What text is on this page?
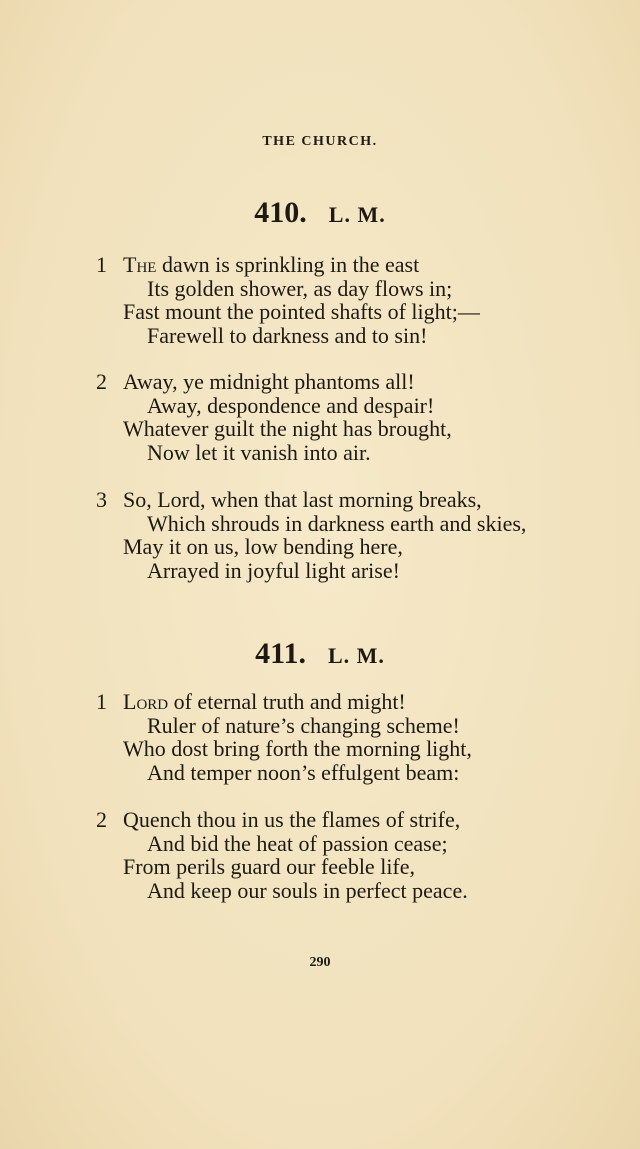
THE CHURCH.
410. L. M.
1 The dawn is sprinkling in the east
Its golden shower, as day flows in;
Fast mount the pointed shafts of light;—
Farewell to darkness and to sin!
2 Away, ye midnight phantoms all!
Away, despondence and despair!
Whatever guilt the night has brought,
Now let it vanish into air.
3 So, Lord, when that last morning breaks,
Which shrouds in darkness earth and skies,
May it on us, low bending here,
Arrayed in joyful light arise!
411. L. M.
1 Lord of eternal truth and might!
Ruler of nature’s changing scheme!
Who dost bring forth the morning light,
And temper noon’s effulgent beam:
2 Quench thou in us the flames of strife,
And bid the heat of passion cease;
From perils guard our feeble life,
And keep our souls in perfect peace.
290
